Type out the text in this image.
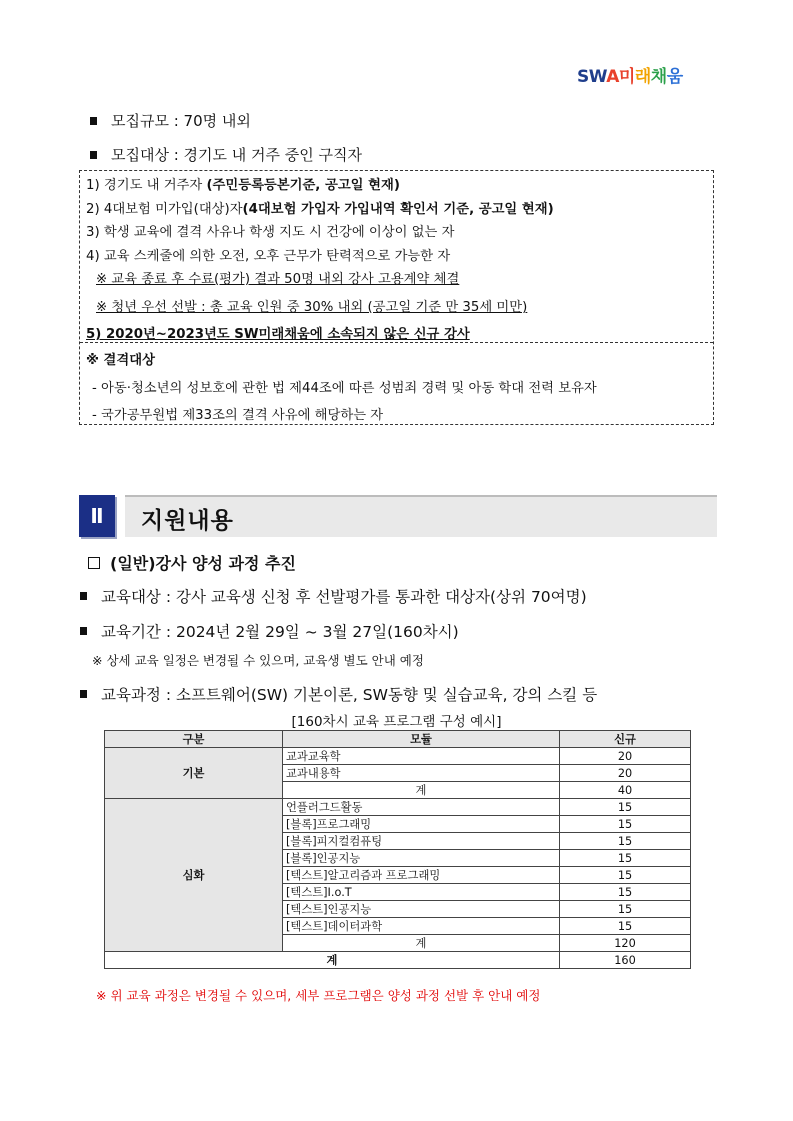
SWA미래채움
모집규모 : 70명 내외
모집대상 : 경기도 내 거주 중인 구직자
1) 경기도 내 거주자 (주민등록등본기준, 공고일 현재)
2) 4대보험 미가입(대상)자(4대보험 가입자 가입내역 확인서 기준, 공고일 현재)
3) 학생 교육에 결격 사유나 학생 지도 시 건강에 이상이 없는 자
4) 교육 스케줄에 의한 오전, 오후 근무가 탄력적으로 가능한 자
※ 교육 종료 후 수료(평가) 결과 50명 내외 강사 고용계약 체결
※ 청년 우선 선발 : 총 교육 인원 중 30% 내외 (공고일 기준 만 35세 미만)
5) 2020년~2023년도 SW미래채움에 소속되지 않은 신규 강사
※ 결격대상
- 아동·청소년의 성보호에 관한 법 제44조에 따른 성범죄 경력 및 아동 학대 전력 보유자
- 국가공무원법 제33조의 결격 사유에 해당하는 자
Ⅱ	지원내용
(일반)강사 양성 과정 추진
교육대상 : 강사 교육생 신청 후 선발평가를 통과한 대상자(상위 70여명)
교육기간 : 2024년 2월 29일 ~ 3월 27일(160차시)
※ 상세 교육 일정은 변경될 수 있으며, 교육생 별도 안내 예정
교육과정 : 소프트웨어(SW) 기본이론, SW동향 및 실습교육, 강의 스킬 등
[160차시 교육 프로그램 구성 예시]
구분	모듈	신규
기본	교과교육학	20
	교과내용학	20
	계	40
심화	언플러그드활동	15
	[블록]프로그래밍	15
	[블록]피지컬컴퓨팅	15
	[블록]인공지능	15
	[텍스트]알고리즘과 프로그래밍	15
	[텍스트]I.o.T	15
	[텍스트]인공지능	15
	[텍스트]데이터과학	15
	계	120
계		160
※ 위 교육 과정은 변경될 수 있으며, 세부 프로그램은 양성 과정 선발 후 안내 예정
